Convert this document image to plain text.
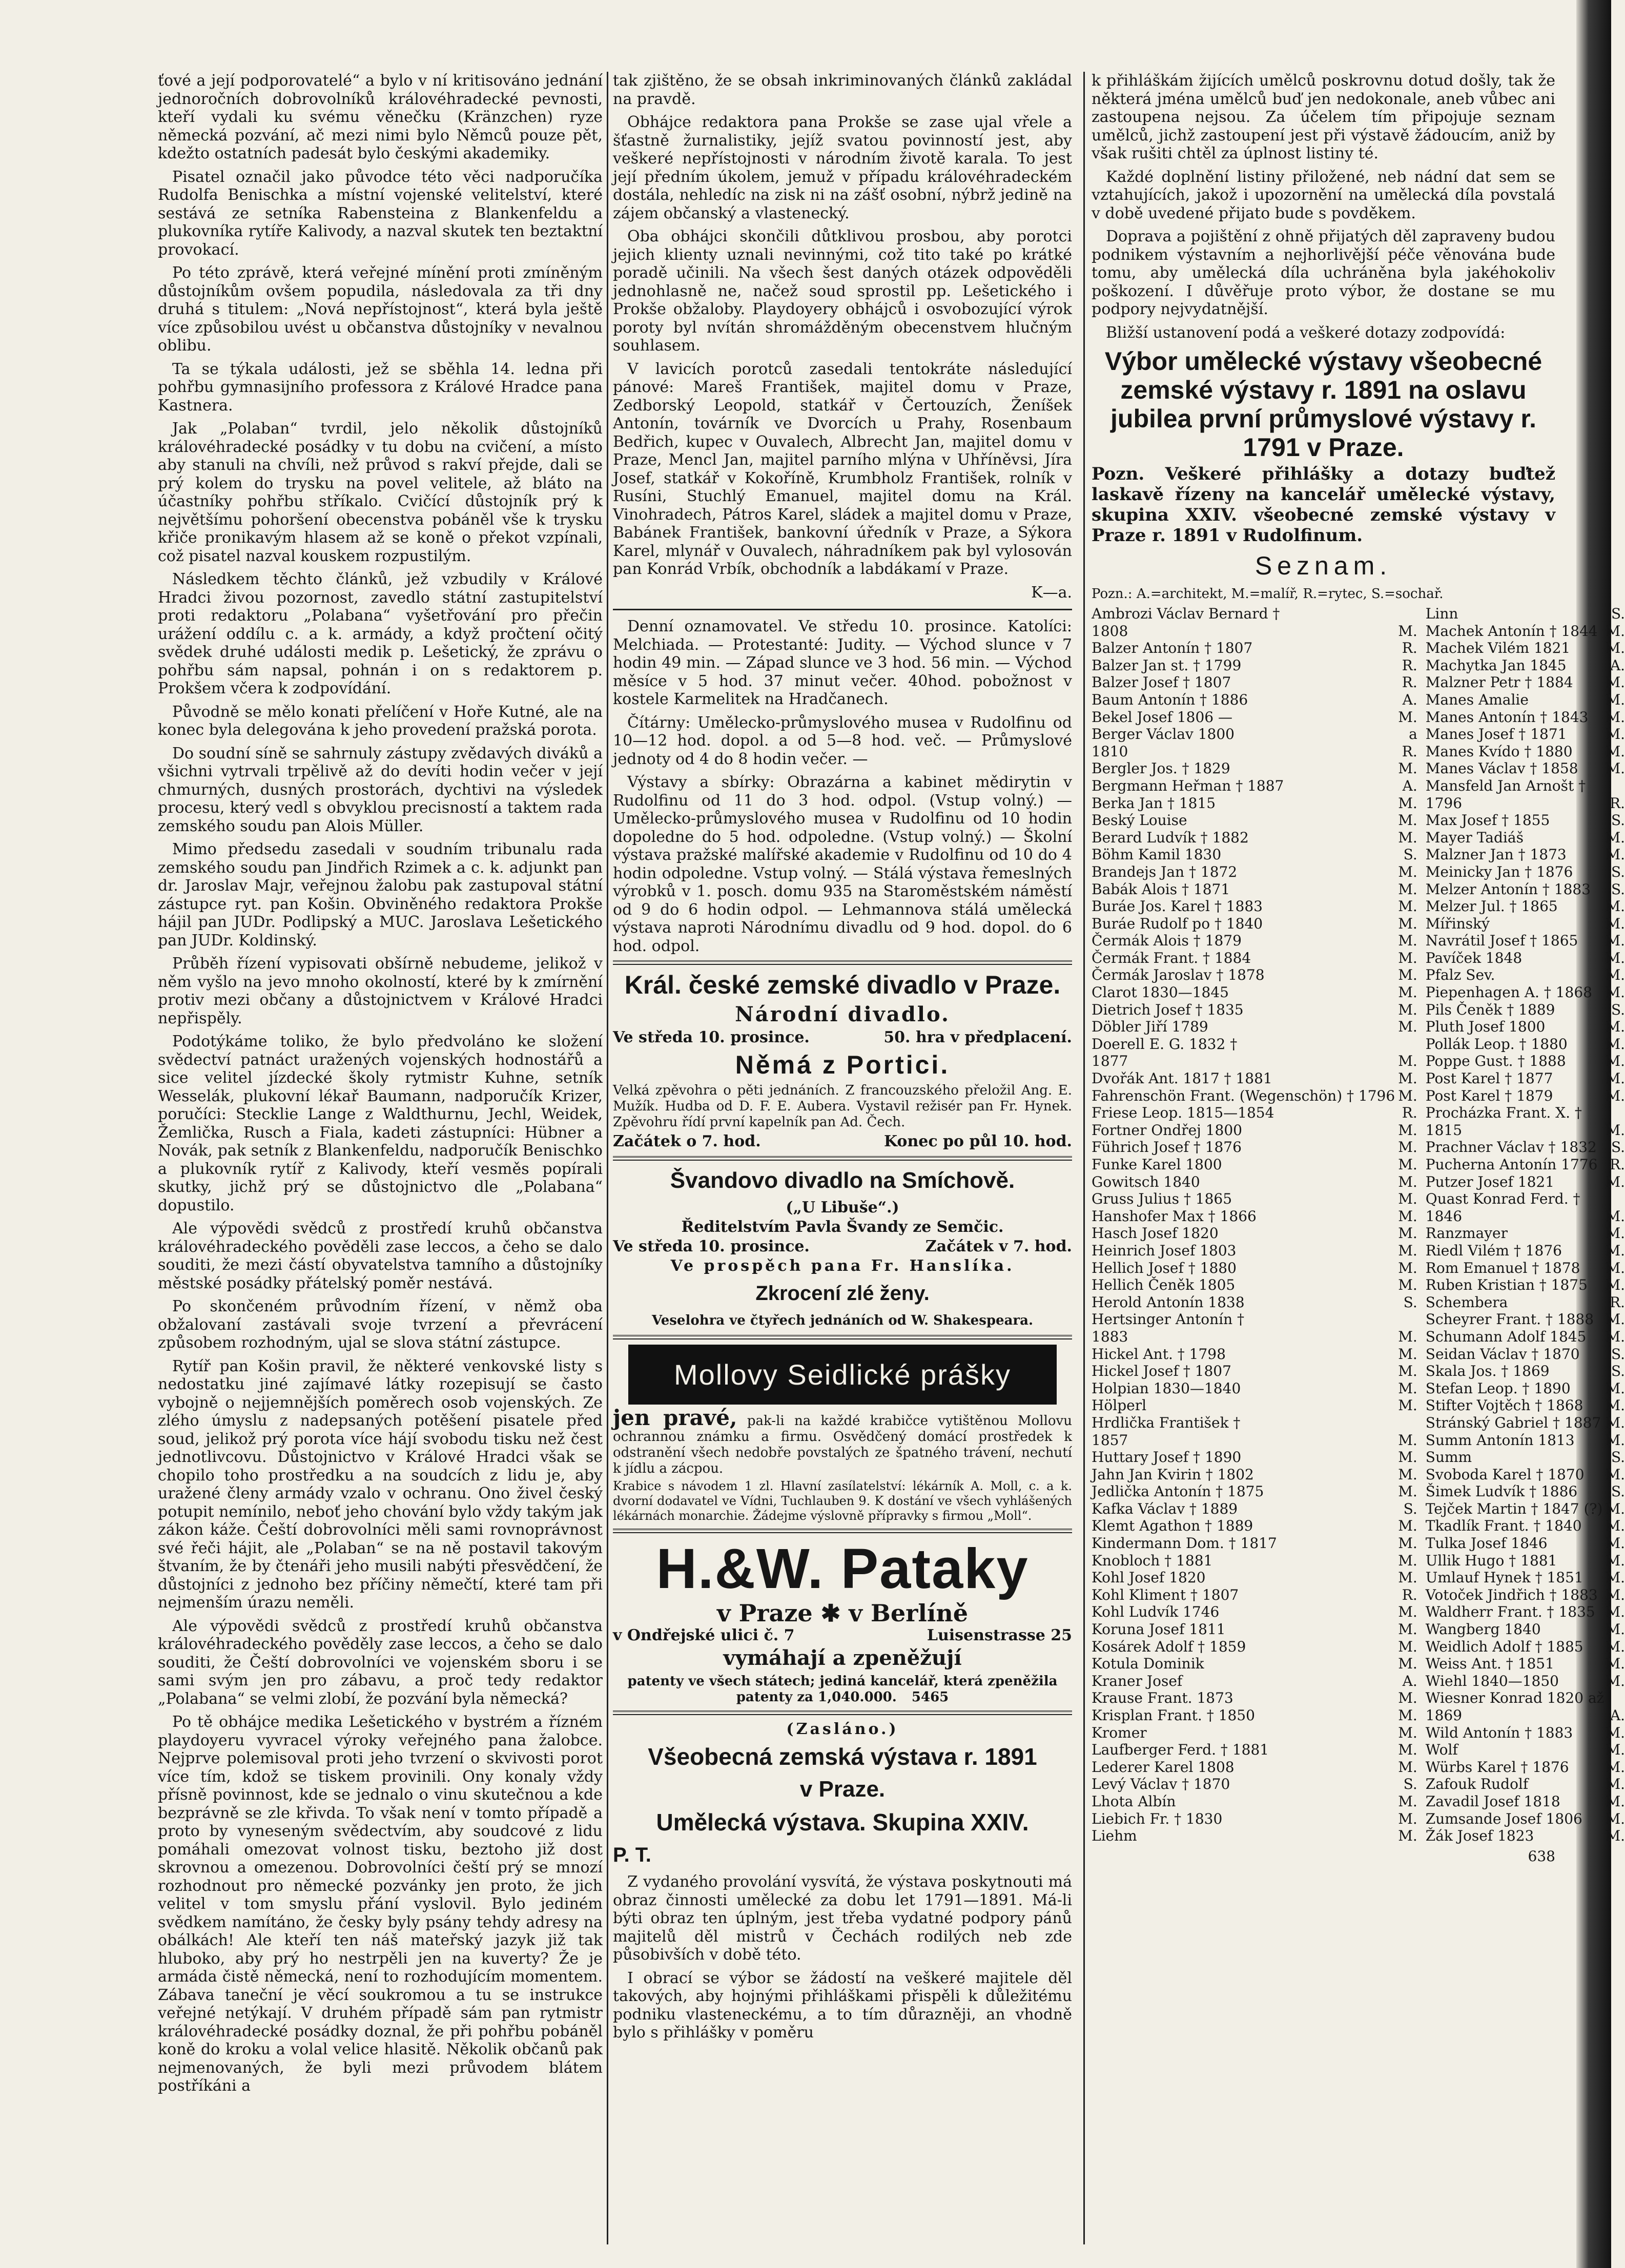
ťové a její podporovatelé“ a bylo v ní kritisováno jednání jednoročních dobrovolníků královéhradecké pevnosti, kteří vydali ku svému věnečku (Kränzchen) ryze německá pozvání, ač mezi nimi bylo Němců pouze pět, kdežto ostatních padesát bylo českými akademiky.

Pisatel označil jako původce této věci nadporučíka Rudolfa Benischka a místní vojenské velitelství, které sestává ze setníka Rabensteina z Blankenfeldu a plukovníka rytíře Kalivody, a nazval skutek ten beztaktní provokací.

Po této zprávě, která veřejné mínění proti zmíněným důstojníkům ovšem popudila, následovala za tři dny druhá s titulem: „Nová nepřístojnost“, která byla ještě více způsobilou uvést u občanstva důstojníky v nevalnou oblibu.

Ta se týkala události, jež se sběhla 14. ledna při pohřbu gymnasijního professora z Králové Hradce pana Kastnera.

Jak „Polaban“ tvrdil, jelo několik důstojníků královéhradecké posádky v tu dobu na cvičení, a místo aby stanuli na chvíli, než průvod s rakví přejde, dali se prý kolem do trysku na povel velitele, až bláto na účastníky pohřbu stříkalo. Cvičící důstojník prý k největšímu pohoršení obecenstva pobáněl vše k trysku křiče pronikavým hlasem až se koně o překot vzpínali, což pisatel nazval kouskem rozpustilým.

Následkem těchto článků, jež vzbudily v Králové Hradci živou pozornost, zavedlo státní zastupitelství proti redaktoru „Polabana“ vyšetřování pro přečin urážení oddílu c. a k. armády, a když pročtení očitý svědek druhé události medik p. Lešetický, že zprávu o pohřbu sám napsal, pohnán i on s redaktorem p. Prokšem včera k zodpovídání.

Původně se mělo konati přelíčení v Hoře Kutné, ale na konec byla delegována k jeho provedení pražská porota.

Do soudní síně se sahrnuly zástupy zvědavých diváků a všichni vytrvali trpělivě až do devíti hodin večer v její chmurných, dusných prostorách, dychtivi na výsledek procesu, který vedl s obvyklou precisností a taktem rada zemského soudu pan Alois Müller.

Mimo předsedu zasedali v soudním tribunalu rada zemského soudu pan Jindřich Rzimek a c. k. adjunkt pan dr. Jaroslav Majr, veřejnou žalobu pak zastupoval státní zástupce ryt. pan Košin. Obviněného redaktora Prokše hájil pan JUDr. Podlipský a MUC. Jaroslava Lešetického pan JUDr. Koldinský.

Průběh řízení vypisovati obšírně nebudeme, jelikož v něm vyšlo na jevo mnoho okolností, které by k zmírnění protiv mezi občany a důstojnictvem v Králové Hradci nepřispěly.

Podotýkáme toliko, že bylo předvoláno ke složení svědectví patnáct uražených vojenských hodnostářů a sice velitel jízdecké školy rytmistr Kuhne, setník Wesselák, plukovní lékař Baumann, nadporučík Krizer, poručíci: Stecklie Lange z Waldthurnu, Jechl, Weidek, Žemlička, Rusch a Fiala, kadeti zástupníci: Hübner a Novák, pak setník z Blankenfeldu, nadporučík Benischko a plukovník rytíř z Kalivody, kteří vesměs popírali skutky, jichž prý se důstojnictvo dle „Polabana“ dopustilo.

Ale výpovědi svědců z prostředí kruhů občanstva královéhradeckého pověděli zase leccos, a čeho se dalo souditi, že mezi částí obyvatelstva tamního a důstojníky městské posádky přátelský poměr nestává.

Po skončeném průvodním řízení, v němž oba obžalovaní zastávali svoje tvrzení a převrácení způsobem rozhodným, ujal se slova státní zástupce.

Rytíř pan Košin pravil, že některé venkovské listy s nedostatku jiné zajímavé látky rozepisují se často vybojně o nejjemnějších poměrech osob vojenských. Ze zlého úmyslu z nadepsaných potěšení pisatele před soud, jelikož prý porota více hájí svobodu tisku než čest jednotlivcovu. Důstojnictvo v Králové Hradci však se chopilo toho prostředku a na soudcích z lidu je, aby uražené členy armády vzalo v ochranu. Ono živel český potupit nemínilo, neboť jeho chování bylo vždy takým jak zákon káže. Čeští dobrovolníci měli sami rovnoprávnost své řeči hájit, ale „Polaban“ se na ně postavil takovým štvaním, že by čtenáři jeho musili nabýti přesvědčení, že důstojníci z jednoho bez příčiny němečtí, které tam při nejmenším úrazu neměli.

Ale výpovědi svědců z prostředí kruhů občanstva královéhradeckého pověděly zase leccos, a čeho se dalo souditi, že Čeští dobrovolníci ve vojenském sboru i se sami svým jen pro zábavu, a proč tedy redaktor „Polabana“ se velmi zlobí, že pozvání byla německá?

Po tě obhájce medika Lešetického v bystrém a řízném playdoyeru vyvracel výroky veřejného pana žalobce. Nejprve polemisoval proti jeho tvrzení o skvivosti porot více tím, kdož se tiskem provinili. Ony konaly vždy přísně povinnost, kde se jednalo o vinu skutečnou a kde bezprávně se zle křivda. To však není v tomto případě a proto by vyneseným svědectvím, aby soudcové z lidu pomáhali omezovat volnost tisku, beztoho již dost skrovnou a omezenou. Dobrovolníci čeští prý se mnozí rozhodnout pro německé pozvánky jen proto, že jich velitel v tom smyslu přání vyslovil. Bylo jediném svědkem namítáno, že česky byly psány tehdy adresy na obálkách! Ale kteří ten náš mateřský jazyk již tak hluboko, aby prý ho nestrpěli jen na kuverty? Že je armáda čistě německá, není to rozhodujícím momentem. Zábava taneční je věcí soukromou a tu se instrukce veřejné netýkají. V druhém případě sám pan rytmistr královéhradecké posádky doznal, že při pohřbu pobáněl koně do kroku a volal velice hlasitě. Několik občanů pak nejmenovaných, že byli mezi průvodem blátem postříkáni a

tak zjištěno, že se obsah inkriminovaných článků zakládal na pravdě.

Obhájce redaktora pana Prokše se zase ujal vřele a šťastně žurnalistiky, jejíž svatou povinností jest, aby veškeré nepřístojnosti v národním životě karala. To jest její předním úkolem, jemuž v případu královéhradeckém dostála, nehledíc na zisk ni na zášť osobní, nýbrž jedině na zájem občanský a vlastenecký.

Oba obhájci skončili důtklivou prosbou, aby porotci jejich klienty uznali nevinnými, což tito také po krátké poradě učinili. Na všech šest daných otázek odpověděli jednohlasně ne, načež soud sprostil pp. Lešetického i Prokše obžaloby. Playdoyery obhájců i osvobozující výrok poroty byl nvítán shromážděným obecenstvem hlučným souhlasem.

V lavicích porotců zasedali tentokráte následující pánové: Mareš František, majitel domu v Praze, Zedborský Leopold, statkář v Čertouzích, Ženíšek Antonín, továrník ve Dvorcích u Prahy, Rosenbaum Bedřich, kupec v Ouvalech, Albrecht Jan, majitel domu v Praze, Mencl Jan, majitel parního mlýna v Uhříněvsi, Jíra Josef, statkář v Kokoříně, Krumbholz František, rolník v Rusíni, Stuchlý Emanuel, majitel domu na Král. Vinohradech, Pátros Karel, sládek a majitel domu v Praze, Babánek František, bankovní úředník v Praze, a Sýkora Karel, mlynář v Ouvalech, náhradníkem pak byl vylosován pan Konrád Vrbík, obchodník a labdákamí v Praze.

K—a.

Denní oznamovatel. Ve středu 10. prosince. Katolíci: Melchiada. — Protestanté: Judity. — Východ slunce v 7 hodin 49 min. — Západ slunce ve 3 hod. 56 min. — Východ měsíce v 5 hod. 37 minut večer. 40hod. pobožnost v kostele Karmelitek na Hradčanech.

Čítárny: Umělecko-průmyslového musea v Rudolfinu od 10—12 hod. dopol. a od 5—8 hod. več. — Průmyslové jednoty od 4 do 8 hodin večer. —

Výstavy a sbírky: Obrazárna a kabinet mědirytin v Rudolfinu od 11 do 3 hod. odpol. (Vstup volný.) — Umělecko-průmyslového musea v Rudolfinu od 10 hodin dopoledne do 5 hod. odpoledne. (Vstup volný.) — Školní výstava pražské malířské akademie v Rudolfinu od 10 do 4 hodin odpoledne. Vstup volný. — Stálá výstava řemeslných výrobků v 1. posch. domu 935 na Staroměstském náměstí od 9 do 6 hodin odpol. — Lehmannova stálá umělecká výstava naproti Národnímu divadlu od 9 hod. dopol. do 6 hod. odpol.

Král. české zemské divadlo v Praze.
Národní divadlo.
Ve středa 10. prosince.	50. hra v předplacení.
Němá z Portici.
Velká zpěvohra o pěti jednáních. Z francouzského přeložil Ang. E. Mužík. Hudba od D. F. E. Aubera. Vystavil režisér pan Fr. Hynek. Zpěvohru řídí první kapelník pan Ad. Čech.
Začátek o 7. hod.	Konec po půl 10. hod.
Švandovo divadlo na Smíchově.
(„U Libuše“.)
Ředitelstvím Pavla Švandy ze Semčic.
Ve středa 10. prosince.	Začátek v 7. hod.
Ve prospěch pana Fr. Hanslíka.
Zkrocení zlé ženy.
Veselohra ve čtyřech jednáních od W. Shakespeara.
Mollovy Seidlické prášky
jen pravé, pak-li na každé krabičce vytištěnou Mollovu ochrannou známku a firmu. Osvědčený domácí prostředek k odstranění všech nedobře povstalých ze špatného trávení, nechutí k jídlu a zácpou.
Krabice s návodem 1 zl. Hlavní zasílatelství: lékárník A. Moll, c. a k. dvorní dodavatel ve Vídni, Tuchlauben 9. K dostání ve všech vyhlášených lékárnách monarchie. Žádejme výslovně přípravky s firmou „Moll“.
H.&W. Pataky
v Praze ✱ v Berlíně
v Ondřejské ulici č. 7	Luisenstrasse 25
vymáhají a zpeněžují
patenty ve všech státech; jediná kancelář, která zpeněžila patenty za 1,040.000. 5465
(Zasláno.)
Všeobecná zemská výstava r. 1891
v Praze.
Umělecká výstava. Skupina XXIV.
P. T.

Z vydaného provolání vysvítá, že výstava poskytnouti má obraz činnosti umělecké za dobu let 1791—1891. Má-li býti obraz ten úplným, jest třeba vydatné podpory pánů majitelů děl mistrů v Čechách rodilých neb zde působivších v době této.

I obrací se výbor se žádostí na veškeré majitele děl takových, aby hojnými přihláškami přispěli k důležitému podniku vlasteneckému, a to tím důrazněji, an vhodně bylo s přihlášky v poměru

k přihláškám žijících umělců poskrovnu dotud došly, tak že některá jména umělců buď jen nedokonale, aneb vůbec ani zastoupena nejsou. Za účelem tím připojuje seznam umělců, jichž zastoupení jest při výstavě žádoucím, aniž by však rušiti chtěl za úplnost listiny té.

Každé doplnění listiny přiložené, neb nádní dat sem se vztahujících, jakož i upozornění na umělecká díla povstalá v době uvedené přijato bude s povděkem.

Doprava a pojištění z ohně přijatých děl zapraveny budou podnikem výstavním a nejhorlivější péče věnována bude tomu, aby umělecká díla uchráněna byla jakéhokoliv poškození. I důvěřuje proto výbor, že dostane se mu podpory nejvydatnější.

Bližší ustanovení podá a veškeré dotazy zodpovídá:

Výbor umělecké výstavy všeobecné zemské výstavy r. 1891 na oslavu jubilea první průmyslové výstavy r. 1791 v Praze.
Pozn. Veškeré přihlášky a dotazy buďtež laskavě řízeny na kancelář umělecké výstavy, skupina XXIV. všeobecné zemské výstavy v Praze r. 1891 v Rudolfinum.
Seznam.
Pozn.: A.=architekt, M.=malíř, R.=rytec, S.=sochař.
Ambrozi Václav Bernard †
1808	M.
Balzer Antonín † 1807	R.
Balzer Jan st. † 1799	R.
Balzer Josef † 1807	R.
Baum Antonín † 1886	A.
Bekel Josef 1806 —	M.
Berger Václav 1800	a
1810	R.
Bergler Jos. † 1829	M.
Bergmann Heřman † 1887	A.
Berka Jan † 1815	M.
Beský Louise	M.
Berard Ludvík † 1882	M.
Böhm Kamil 1830	S.
Brandejs Jan † 1872	M.
Babák Alois † 1871	M.
Buráe Jos. Karel † 1883	M.
Buráe Rudolf po † 1840	M.
Čermák Alois † 1879	M.
Čermák Frant. † 1884	M.
Čermák Jaroslav † 1878	M.
Clarot 1830—1845	M.
Dietrich Josef † 1835	M.
Döbler Jiří 1789	M.
Doerell E. G. 1832 †
1877	M.
Dvořák Ant. 1817 † 1881	M.
Fahrenschön Frant. (Wegenschön) † 1796 M.
Friese Leop. 1815—1854	R.
Fortner Ondřej 1800	M.
Führich Josef † 1876	M.
Funke Karel 1800	M.
Gowitsch 1840	M.
Gruss Julius † 1865	M.
Hanshofer Max † 1866	M.
Hasch Josef 1820	M.
Heinrich Josef 1803	M.
Hellich Josef † 1880	M.
Hellich Čeněk 1805	M.
Herold Antonín 1838	S.
Hertsinger Antonín †
1883	M.
Hickel Ant. † 1798	M.
Hickel Josef † 1807	M.
Holpian 1830—1840	M.
Hölperl	M.
Hrdlička František †
1857	M.
Huttary Josef † 1890	M.
Jahn Jan Kvirin † 1802	M.
Jedlička Antonín † 1875	M.
Kafka Václav † 1889	S.
Klemt Agathon † 1889	M.
Kindermann Dom. † 1817	M.
Knobloch † 1881	M.
Kohl Josef 1820	M.
Kohl Kliment † 1807	R.
Kohl Ludvík 1746	M.
Koruna Josef 1811	M.
Kosárek Adolf † 1859	M.
Kotula Dominik	M.
Kraner Josef	A.
Krause Frant. 1873	M.
Krisplan Frant. † 1850	M.
Kromer	M.
Laufberger Ferd. † 1881	M.
Lederer Karel 1808	M.
Levý Václav † 1870	S.
Lhota Albín	M.
Liebich Fr. † 1830	M.
Liehm	M.
Linn	S.
Machek Antonín † 1844 M.
Machek Vilém 1821 M.
Machytka Jan 1845	A.
Malzner Petr † 1884 M.
Manes Amalie	M.
Manes Antonín † 1843 M.
Manes Josef † 1871	M.
Manes Kvído † 1880 M.
Manes Václav † 1858 M.
Mansfeld Jan Arnošt †
1796	R.
Max Josef † 1855	S.
Mayer Tadiáš	M.
Malzner Jan † 1873	M.
Meinicky Jan † 1876	S.
Melzer Antonín † 1883 S.
Melzer Jul. † 1865	M.
Mířinský	M.
Navrátil Josef † 1865 M.
Pavíček 1848	M.
Pfalz Sev.	M.
Piepenhagen A. † 1868 M.
Pils Čeněk † 1889	S.
Pluth Josef 1800	M.
Pollák Leop. † 1880	M.
Poppe Gust. † 1888	M.
Post Karel † 1877	M.
Post Karel † 1879	M.
Procházka Frant. X. †
1815	M.
Prachner Václav † 1832 S.
Pucherna Antonín 1776 R.
Putzer Josef 1821	M.
Quast Konrad Ferd. †
1846	M.
Ranzmayer	M.
Riedl Vilém † 1876	M.
Rom Emanuel † 1878 M.
Ruben Kristian † 1875 M.
Schembera	R.
Scheyrer Frant. † 1888 M.
Schumann Adolf 1845 M.
Seidan Václav † 1870 S.
Skala Jos. † 1869	S.
Stefan Leop. † 1890 M.
Stifter Vojtěch † 1868 M.
Stránský Gabriel † 1887 M.
Summ Antonín 1813 M.
Summ	S.
Svoboda Karel † 1870 M.
Šimek Ludvík † 1886 S.
Tejček Martin † 1847 (?) M.
Tkadlík Frant. † 1840 M.
Tulka Josef 1846	M.
Ullik Hugo † 1881	M.
Umlauf Hynek † 1851 M.
Votoček Jindřich † 1883 M.
Waldherr Frant. † 1835 M.
Wangberg 1840	M.
Weidlich Adolf † 1885 M.
Weiss Ant. † 1851	M.
Wiehl 1840—1850	M.
Wiesner Konrad 1820 až
1869	A.
Wild Antonín † 1883 M.
Wolf	M.
Würbs Karel † 1876	M.
Zafouk Rudolf	M.
Zavadil Josef 1818	M.
Zumsande Josef 1806 M.
Žák Josef 1823	M.
638
